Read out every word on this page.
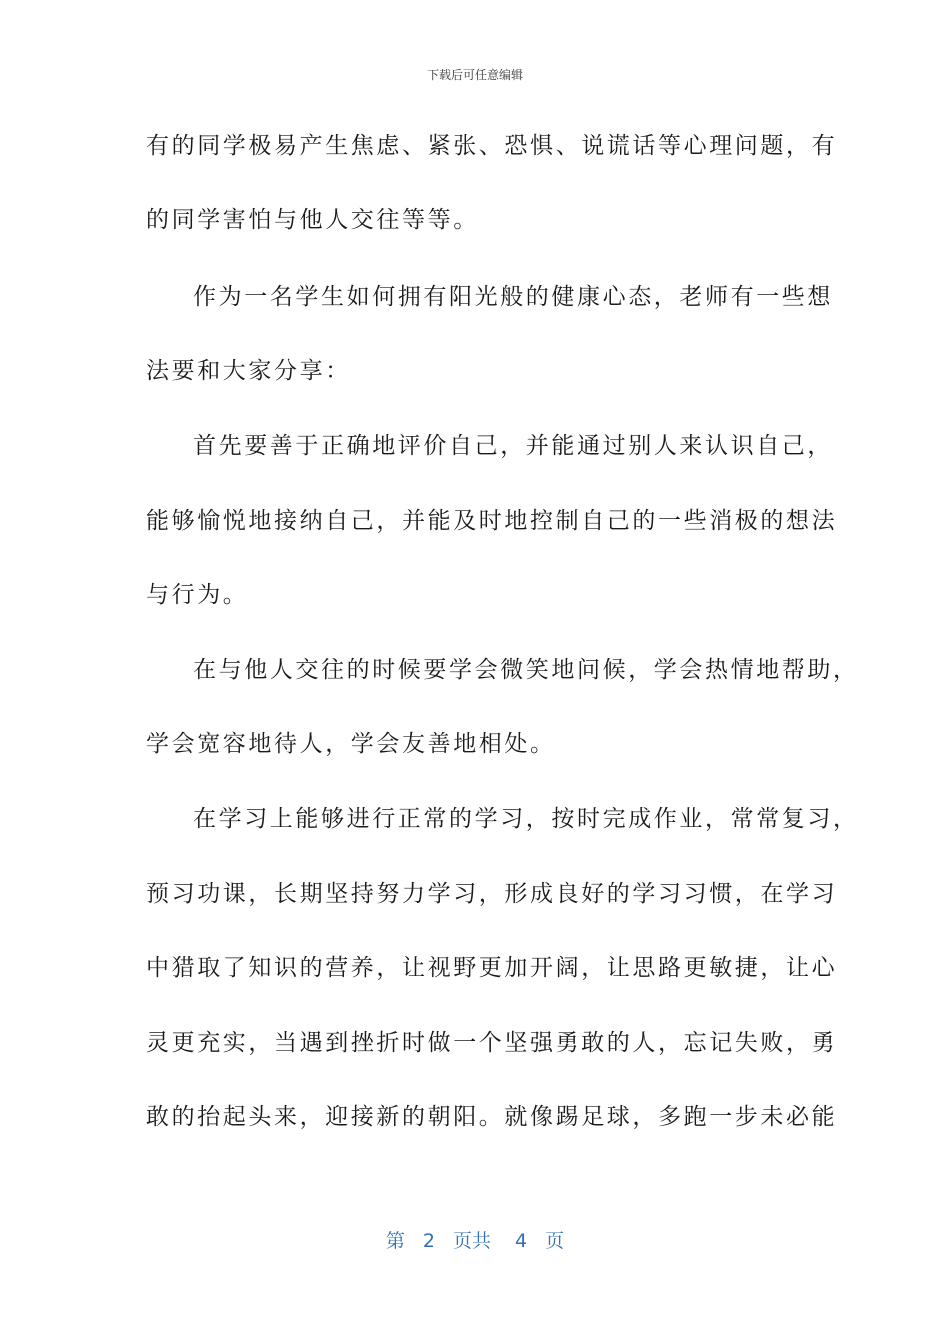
下载后可任意编辑
有的同学极易产生焦虑、紧张、恐惧、说谎话等心理问题，有
的同学害怕与他人交往等等。
作为一名学生如何拥有阳光般的健康心态，老师有一些想
法要和大家分享：
首先要善于正确地评价自己，并能通过别人来认识自己，
能够愉悦地接纳自己，并能及时地控制自己的一些消极的想法
与行为。
在与他人交往的时候要学会微笑地问候，学会热情地帮助，
学会宽容地待人，学会友善地相处。
在学习上能够进行正常的学习，按时完成作业，常常复习，
预习功课，长期坚持努力学习，形成良好的学习习惯，在学习
中猎取了知识的营养，让视野更加开阔，让思路更敏捷，让心
灵更充实，当遇到挫折时做一个坚强勇敢的人，忘记失败，勇
敢的抬起头来，迎接新的朝阳。就像踢足球，多跑一步未必能
第 2 页共 4 页
